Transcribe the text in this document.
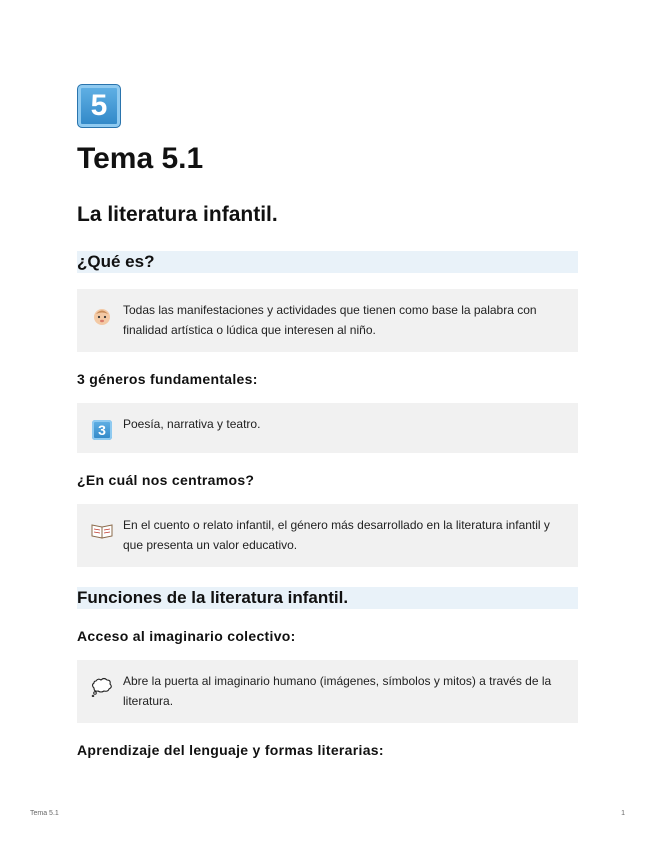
5
Tema 5.1
La literatura infantil.
¿Qué es?
Todas las manifestaciones y actividades que tienen como base la palabra con finalidad artística o lúdica que interesen al niño.

3 géneros fundamentales:

3	Poesía, narrativa y teatro.

¿En cuál nos centramos?

En el cuento o relato infantil, el género más desarrollado en la literatura infantil y que presenta un valor educativo.
Funciones de la literatura infantil.

Acceso al imaginario colectivo:

Abre la puerta al imaginario humano (imágenes, símbolos y mitos) a través de la literatura.

Aprendizaje del lenguaje y formas literarias:

Tema 5.1	1
